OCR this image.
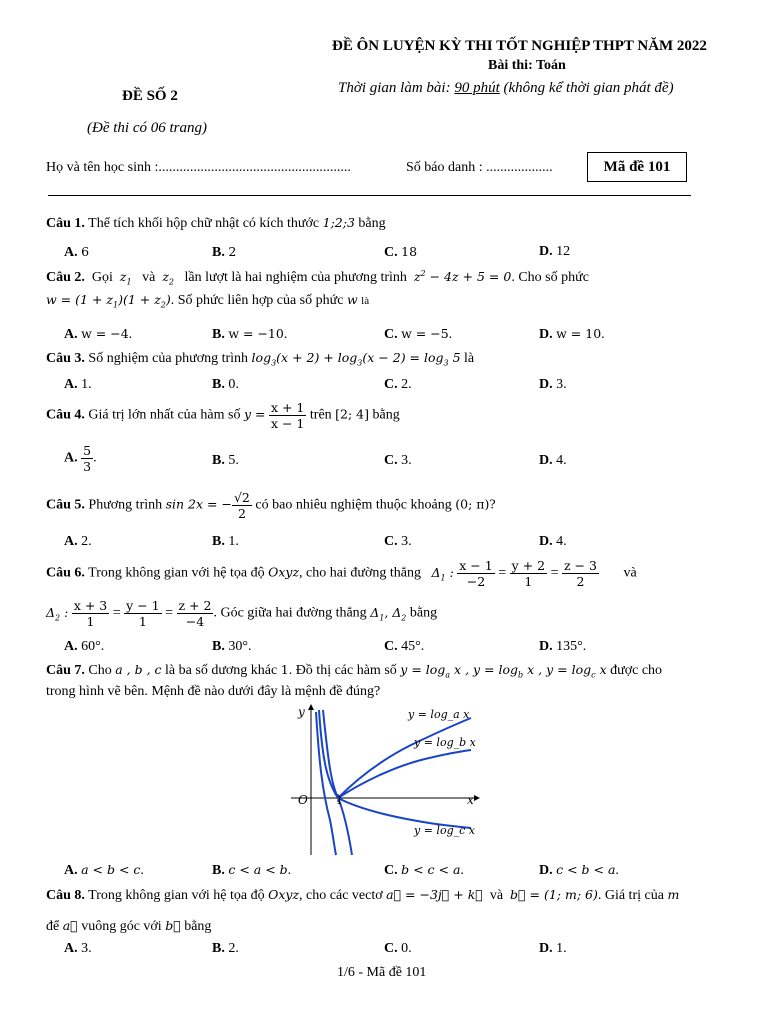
ĐỀ ÔN LUYỆN KỲ THI TỐT NGHIỆP THPT NĂM 2022
Bài thi: Toán
Thời gian làm bài: 90 phút (không kể thời gian phát đề)
ĐỀ SỐ 2
(Đề thi có 06 trang)
Họ và tên học sinh :.......................................................	Số báo danh : ...................	Mã đề 101
Câu 1. Thể tích khối hộp chữ nhật có kích thước 1;2;3 bằng
A. 6	B. 2	C. 18	D. 12
Câu 2. Gọi $z_1$ và $z_2$ lần lượt là hai nghiệm của phương trình $z^2 - 4z + 5 = 0$. Cho số phức
$w = (1 + z_1)(1 + z_2)$. Số phức liên hợp của số phức w là
A. w = −4.	B. w = −10.	C. w = −5.	D. w = 10.
Câu 3. Số nghiệm của phương trình $\log_3(x + 2) + \log_3(x - 2) = \log_3 5$ là
A. 1.	B. 0.	C. 2.	D. 3.
Câu 4. Giá trị lớn nhất của hàm số $y = \frac{x + 1}{x - 1}$ trên [2; 4] bằng
A. $\frac{5}{3}$ .	B. 5.	C. 3.	D. 4.
Câu 5. Phương trình sin 2x = − $\frac{√2}{2}$ có bao nhiêu nghiệm thuộc khoảng (0; π)?
A. 2.	B. 1.	C. 3.	D. 4.
Câu 6. Trong không gian với hệ tọa độ Oxyz, cho hai đường thẳng $\Delta_1$ : $\frac{x - 1}{-2} = \frac{y + 2}{1} = \frac{z - 3}{2}$ và
$\Delta_2$ : $\frac{x + 3}{1} = \frac{y - 1}{1} = \frac{z + 2}{-4}$ . Góc giữa hai đường thẳng $\Delta_1$, $\Delta_2$ bằng
A. 60°.	B. 30°.	C. 45°.	D. 135°.
Câu 7. Cho a , b , c là ba số dương khác 1. Đồ thị các hàm số $y = \log_a x$ , $y = \log_b x$ , $y = \log_c x$ được cho
trong hình vẽ bên. Mệnh đề nào dưới đây là mệnh đề đúng?
y
x
O	1
y = log_a x
y = log_b x
y = log_c x
A. a < b < c.	B. c < a < b.	C. b < c < a.	D. c < b < a.
Câu 8. Trong không gian với hệ tọa độ Oxyz, cho các vectơ a⃗ = −3j⃗ + k⃗ và b⃗ = (1; m; 6). Giá trị của m
để a⃗ vuông góc với b⃗ bằng
A. 3.	B. 2.	C. 0.	D. 1.
1/6 - Mã đề 101
